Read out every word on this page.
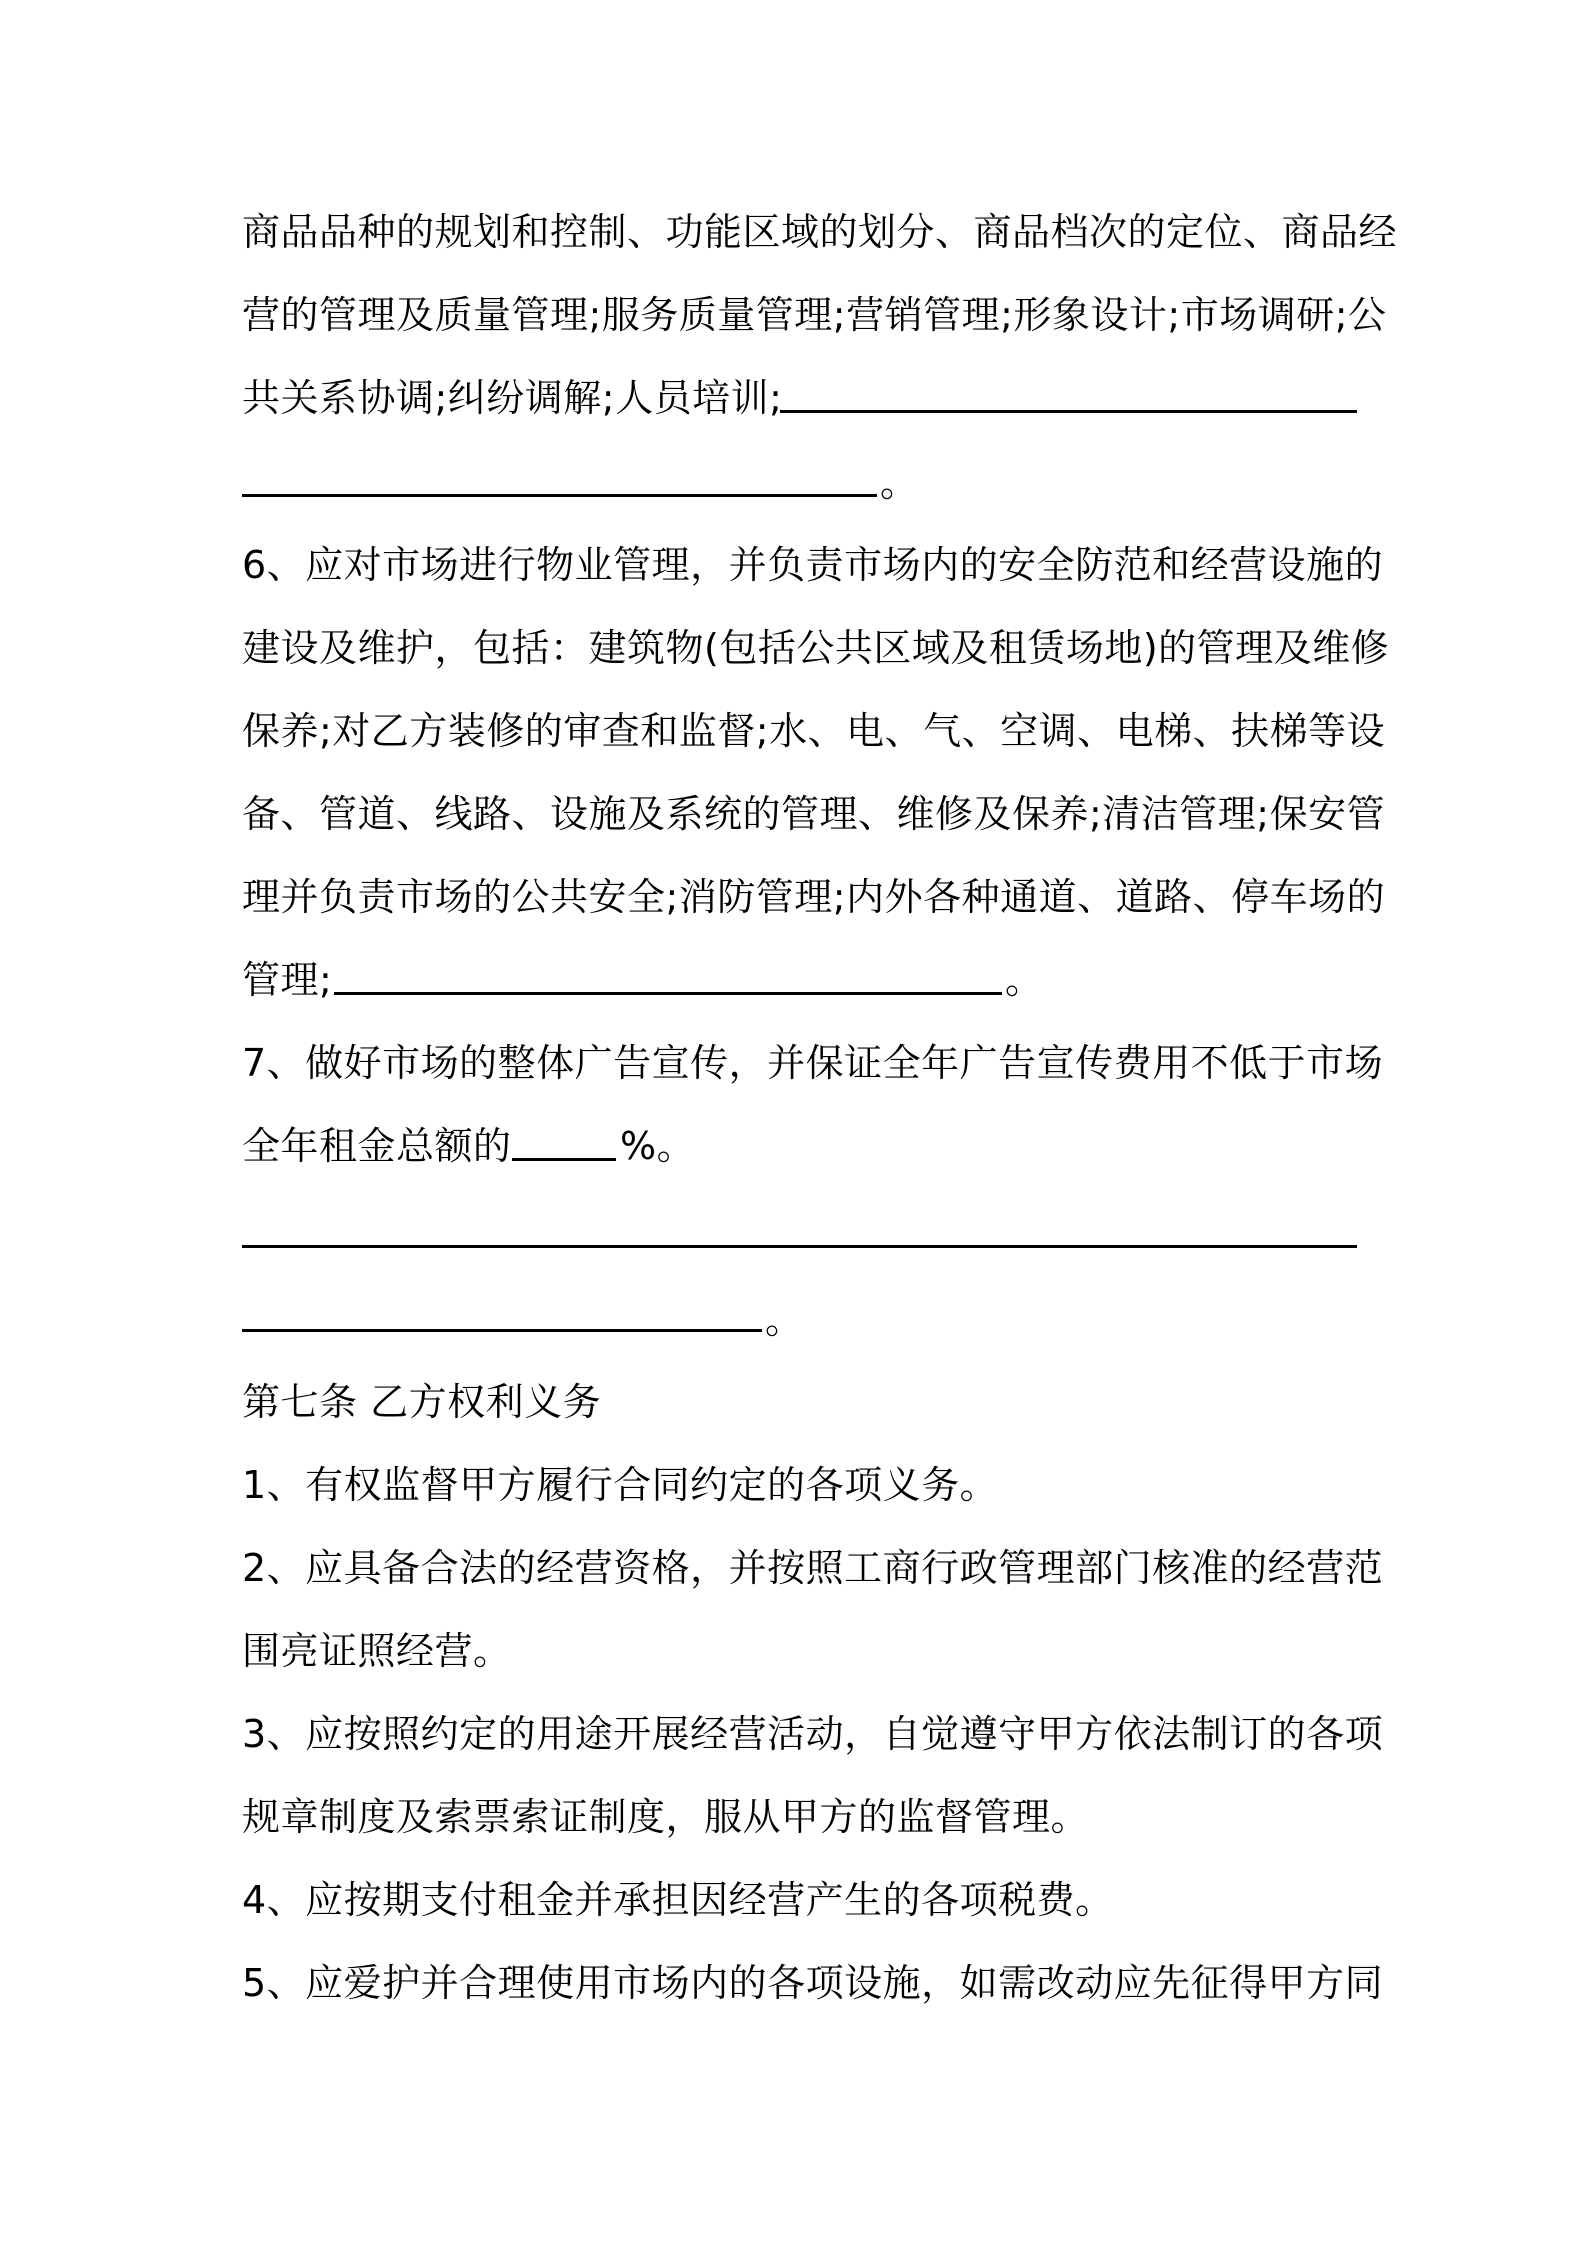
商品品种的规划和控制、功能区域的划分、商品档次的定位、商品经
营的管理及质量管理;服务质量管理;营销管理;形象设计;市场调研;公
共关系协调;纠纷调解;人员培训;
。
6、应对市场进行物业管理，并负责市场内的安全防范和经营设施的
建设及维护，包括：建筑物(包括公共区域及租赁场地)的管理及维修
保养;对乙方装修的审查和监督;水、电、气、空调、电梯、扶梯等设
备、管道、线路、设施及系统的管理、维修及保养;清洁管理;保安管
理并负责市场的公共安全;消防管理;内外各种通道、道路、停车场的
管理;	。
7、做好市场的整体广告宣传，并保证全年广告宣传费用不低于市场
全年租金总额的	%。
。
第七条 乙方权利义务
1、有权监督甲方履行合同约定的各项义务。
2、应具备合法的经营资格，并按照工商行政管理部门核准的经营范
围亮证照经营。
3、应按照约定的用途开展经营活动，自觉遵守甲方依法制订的各项
规章制度及索票索证制度，服从甲方的监督管理。
4、应按期支付租金并承担因经营产生的各项税费。
5、应爱护并合理使用市场内的各项设施，如需改动应先征得甲方同
